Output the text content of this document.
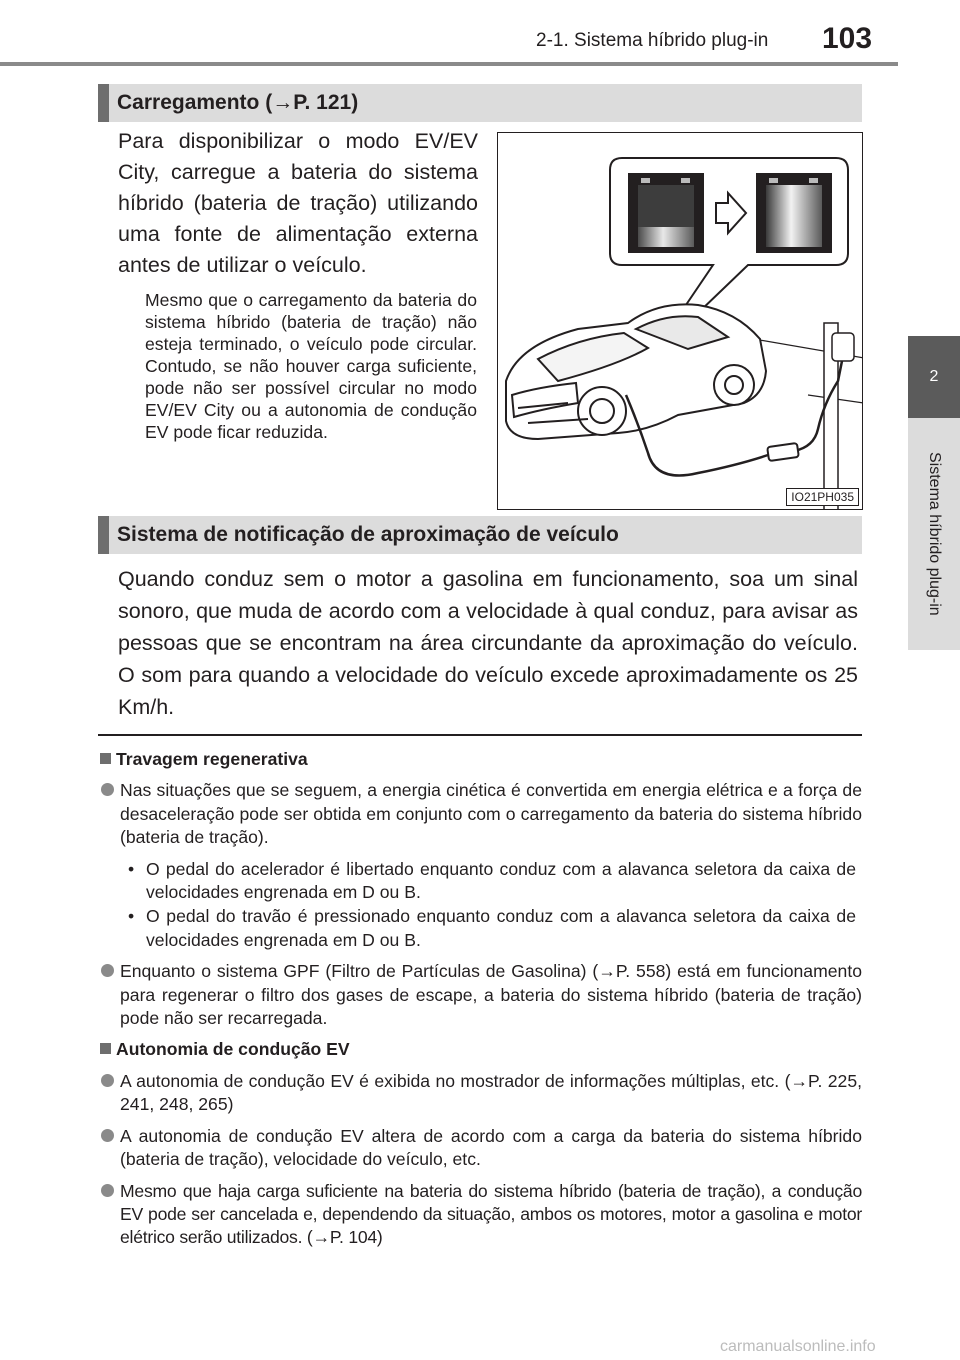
2-1. Sistema híbrido plug-in 103
2
Sistema híbrido plug-in
Carregamento (→P. 121)
Para disponibilizar o modo EV/EV City, carregue a bateria do sistema híbrido (bateria de tração) utilizando uma fonte de alimentação externa antes de utilizar o veículo.
Mesmo que o carregamento da bateria do sistema híbrido (bateria de tração) não esteja terminado, o veículo pode circular. Contudo, se não houver carga suficiente, pode não ser possível circular no modo EV/EV City ou a autonomia de condução EV pode ficar reduzida.
IO21PH035
Sistema de notificação de aproximação de veículo
Quando conduz sem o motor a gasolina em funcionamento, soa um sinal sonoro, que muda de acordo com a velocidade à qual conduz, para avisar as pessoas que se encontram na área circundante da aproximação do veículo. O som para quando a velocidade do veículo excede aproximadamente os 25 Km/h.
Travagem regenerativa
Nas situações que se seguem, a energia cinética é convertida em energia elétrica e a força de desaceleração pode ser obtida em conjunto com o carregamento da bateria do sistema híbrido (bateria de tração).
• O pedal do acelerador é libertado enquanto conduz com a alavanca seletora da caixa de velocidades engrenada em D ou B.
• O pedal do travão é pressionado enquanto conduz com a alavanca seletora da caixa de velocidades engrenada em D ou B.
Enquanto o sistema GPF (Filtro de Partículas de Gasolina) (→P. 558) está em funcionamento para regenerar o filtro dos gases de escape, a bateria do sistema híbrido (bateria de tração) pode não ser recarregada.
Autonomia de condução EV
A autonomia de condução EV é exibida no mostrador de informações múltiplas, etc. (→P. 225, 241, 248, 265)
A autonomia de condução EV altera de acordo com a carga da bateria do sistema híbrido (bateria de tração), velocidade do veículo, etc.
Mesmo que haja carga suficiente na bateria do sistema híbrido (bateria de tração), a condução EV pode ser cancelada e, dependendo da situação, ambos os motores, motor a gasolina e motor elétrico serão utilizados. (→P. 104)
carmanualsonline.info
